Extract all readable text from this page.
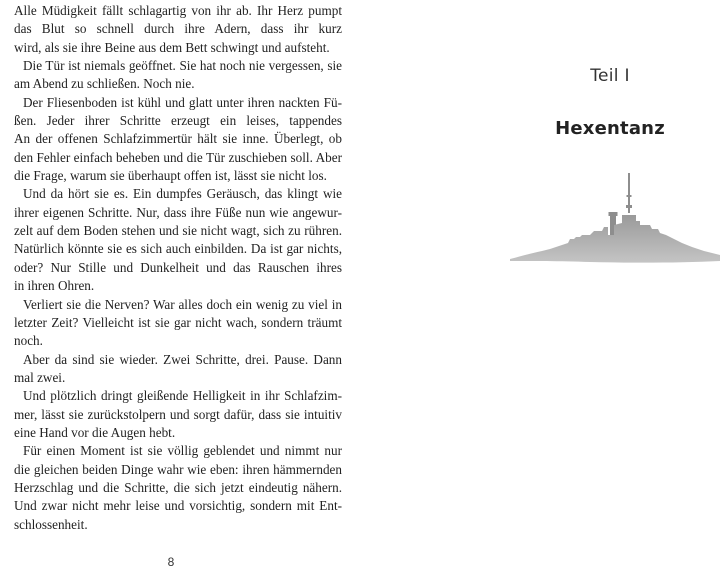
Alle Müdigkeit fällt schlagartig von ihr ab. Ihr Herz pumpt
das Blut so schnell durch ihre Adern, dass ihr kurz
wird, als sie ihre Beine aus dem Bett schwingt und aufsteht.
Die Tür ist niemals geöffnet. Sie hat noch nie vergessen, sie
am Abend zu schließen. Noch nie.
Der Fliesenboden ist kühl und glatt unter ihren nackten Fü-
ßen. Jeder ihrer Schritte erzeugt ein leises, tappendes
An der offenen Schlafzimmertür hält sie inne. Überlegt, ob
den Fehler einfach beheben und die Tür zuschieben soll. Aber
die Frage, warum sie überhaupt offen ist, lässt sie nicht los.
Und da hört sie es. Ein dumpfes Geräusch, das klingt wie
ihrer eigenen Schritte. Nur, dass ihre Füße nun wie angewur-
zelt auf dem Boden stehen und sie nicht wagt, sich zu rühren.
Natürlich könnte sie es sich auch einbilden. Da ist gar nichts,
oder? Nur Stille und Dunkelheit und das Rauschen ihres
in ihren Ohren.
Verliert sie die Nerven? War alles doch ein wenig zu viel in
letzter Zeit? Vielleicht ist sie gar nicht wach, sondern träumt
noch.
Aber da sind sie wieder. Zwei Schritte, drei. Pause. Dann
mal zwei.
Und plötzlich dringt gleißende Helligkeit in ihr Schlafzim-
mer, lässt sie zurückstolpern und sorgt dafür, dass sie intuitiv
eine Hand vor die Augen hebt.
Für einen Moment ist sie völlig geblendet und nimmt nur
die gleichen beiden Dinge wahr wie eben: ihren hämmernden
Herzschlag und die Schritte, die sich jetzt eindeutig nähern.
Und zwar nicht mehr leise und vorsichtig, sondern mit Ent-
schlossenheit.
8
Teil I
Hexentanz
